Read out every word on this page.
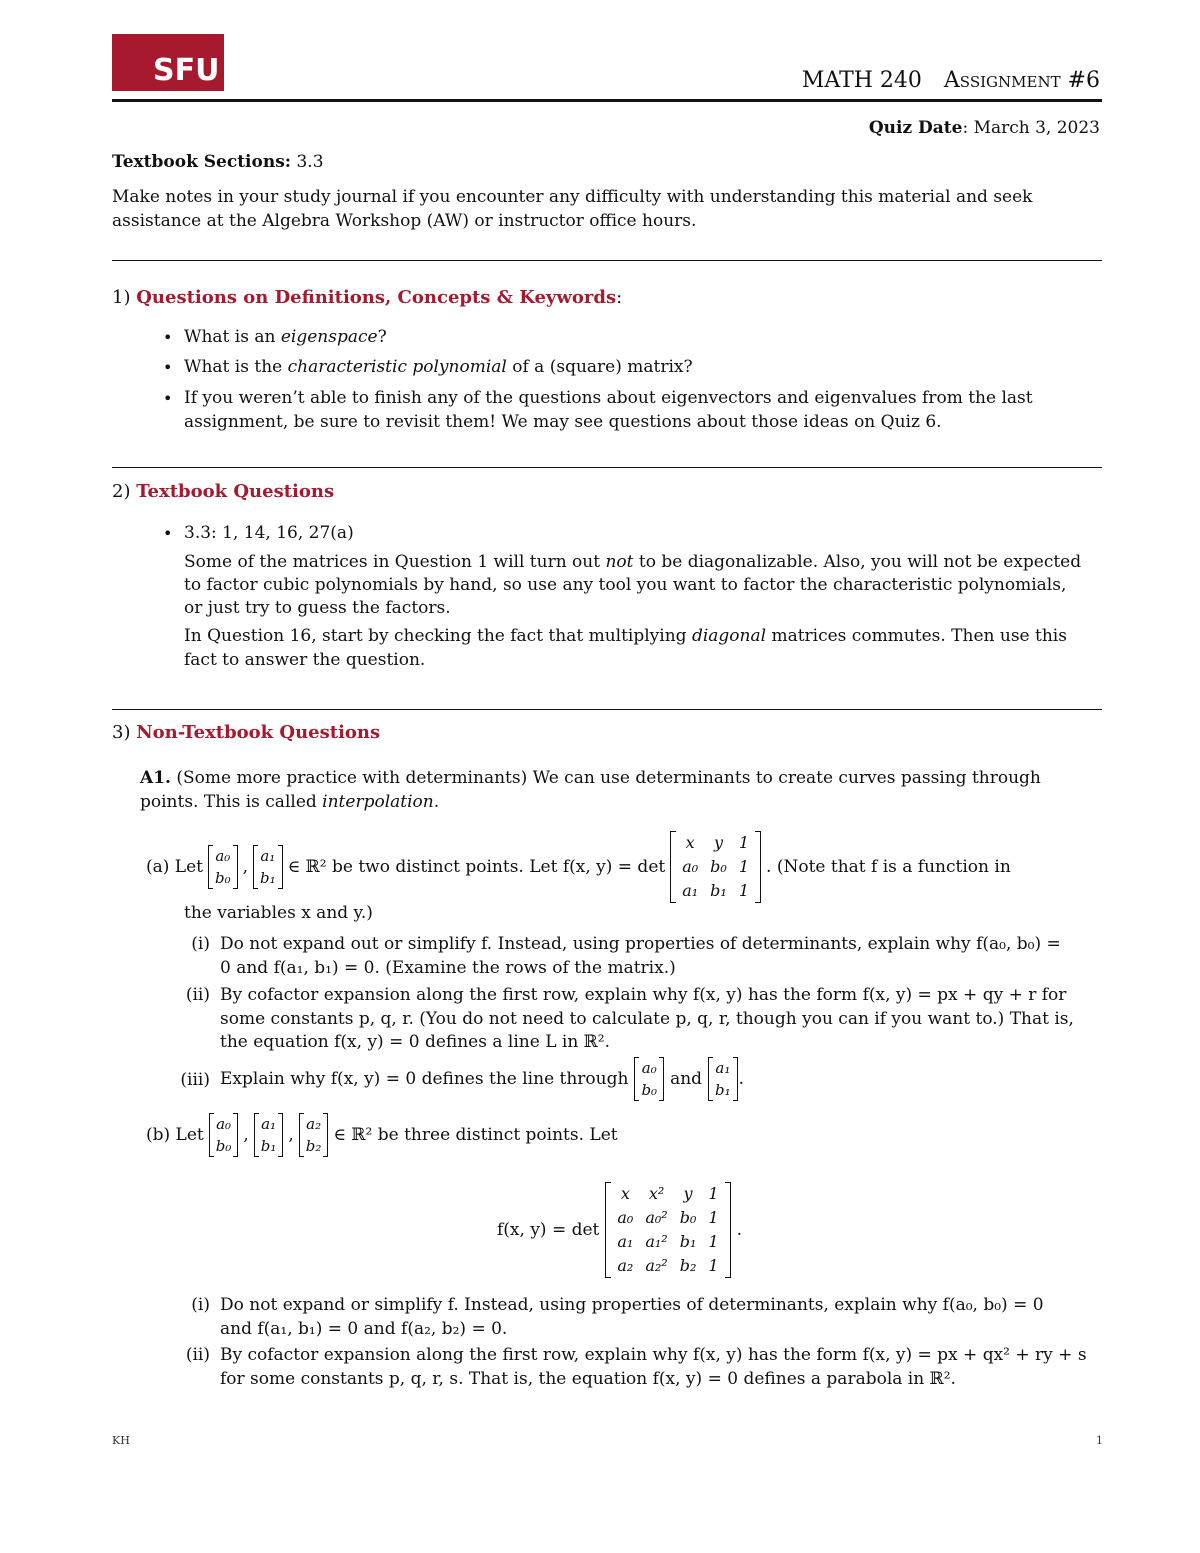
SFU	MATH 240 Assignment #6
Quiz Date: March 3, 2023
Textbook Sections: 3.3
Make notes in your study journal if you encounter any difficulty with understanding this material and seek
assistance at the Algebra Workshop (AW) or instructor office hours.
1) Questions on Definitions, Concepts & Keywords:
• What is an eigenspace?
• What is the characteristic polynomial of a (square) matrix?
• If you weren’t able to finish any of the questions about eigenvectors and eigenvalues from the last
assignment, be sure to revisit them! We may see questions about those ideas on Quiz 6.
2) Textbook Questions
• 3.3: 1, 14, 16, 27(a)
Some of the matrices in Question 1 will turn out not to be diagonalizable. Also, you will not be expected
to factor cubic polynomials by hand, so use any tool you want to factor the characteristic polynomials,
or just try to guess the factors.
In Question 16, start by checking the fact that multiplying diagonal matrices commutes. Then use this
fact to answer the question.
3) Non-Textbook Questions
A1. (Some more practice with determinants) We can use determinants to create curves passing through
points. This is called interpolation.
(a) Let
a₀
b₀
,
a₁
b₁
∈ ℝ² be two distinct points. Let f(x, y) = det
x	y	1
a₀	b₀	1
a₁	b₁	1
. (Note that f is a function in
the variables x and y.)
(i) Do not expand out or simplify f. Instead, using properties of determinants, explain why f(a₀, b₀) =
0 and f(a₁, b₁) = 0. (Examine the rows of the matrix.)
(ii) By cofactor expansion along the first row, explain why f(x, y) has the form f(x, y) = px + qy + r for
some constants p, q, r. (You do not need to calculate p, q, r, though you can if you want to.) That is,
the equation f(x, y) = 0 defines a line L in ℝ².
(iii) Explain why f(x, y) = 0 defines the line through
a₀
b₀
and
a₁
b₁
.
(b) Let
a₀
b₀
,
a₁
b₁
,
a₂
b₂
∈ ℝ² be three distinct points. Let
f(x, y) = det
x	x²	y	1
a₀	a₀²	b₀	1
a₁	a₁²	b₁	1
a₂	a₂²	b₂	1
.
(i) Do not expand or simplify f. Instead, using properties of determinants, explain why f(a₀, b₀) = 0
and f(a₁, b₁) = 0 and f(a₂, b₂) = 0.
(ii) By cofactor expansion along the first row, explain why f(x, y) has the form f(x, y) = px + qx² + ry + s
for some constants p, q, r, s. That is, the equation f(x, y) = 0 defines a parabola in ℝ².
KH	1
